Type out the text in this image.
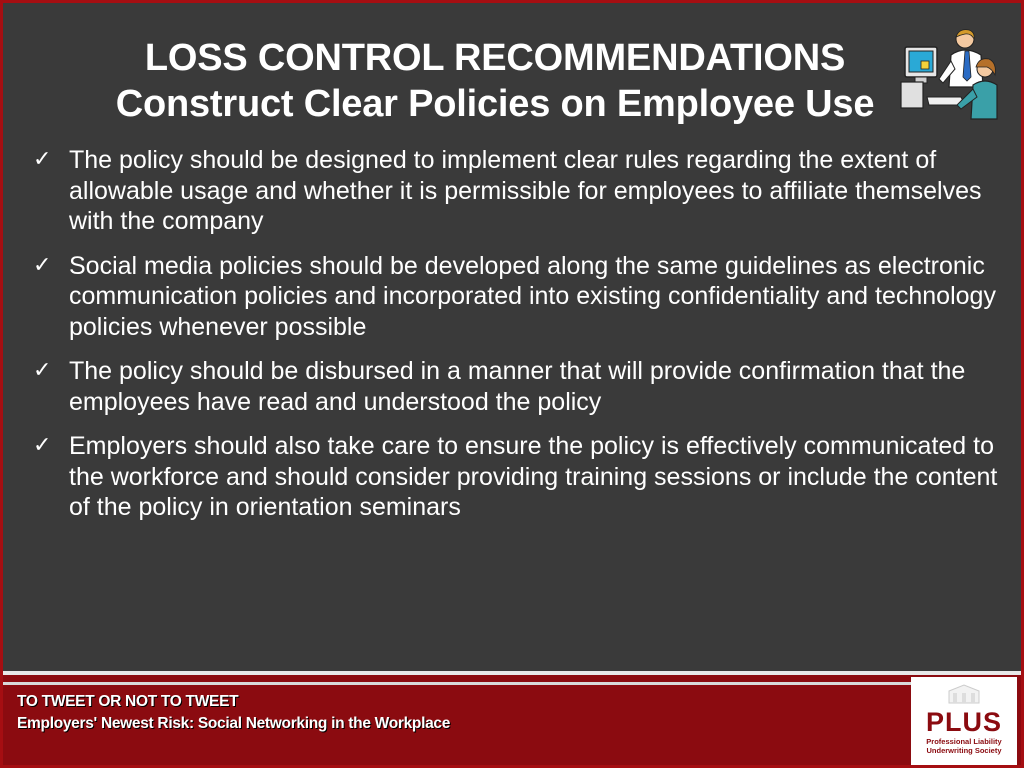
LOSS CONTROL RECOMMENDATIONS
Construct Clear Policies on Employee Use
✓ The policy should be designed to implement clear rules regarding the extent of allowable usage and whether it is permissible for employees to affiliate themselves with the company
✓ Social media policies should be developed along the same guidelines as electronic communication policies and incorporated into existing confidentiality and technology policies whenever possible
✓ The policy should be disbursed in a manner that will provide confirmation that the employees have read and understood the policy
✓ Employers should also take care to ensure the policy is effectively communicated to the workforce and should consider providing training sessions or include the content of the policy in orientation seminars
TO TWEET OR NOT TO TWEET
Employers' Newest Risk: Social Networking in the Workplace	PLUS
Professional Liability
Underwriting Society
